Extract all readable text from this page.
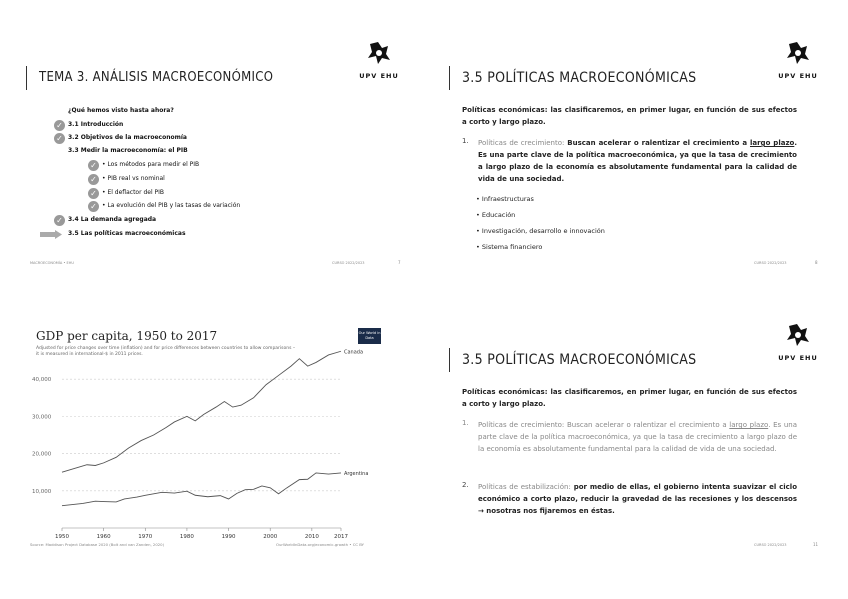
TEMA 3. ANÁLISIS MACROECONÓMICO	UPV EHU
¿Qué hemos visto hasta ahora?
3.1 Introducción
✓
3.2 Objetivos de la macroeconomía
✓
3.3 Medir la macroeconomía: el PIB
• Los métodos para medir el PIB
✓
• PIB real vs nominal
✓
• El deflactor del PIB
✓
• La evolución del PIB y las tasas de variación
✓
3.4 La demanda agregada
✓
3.5 Las políticas macroeconómicas
MACROECONOMÍA • EHU	CURSO 2022/2023	7
3.5 POLÍTICAS MACROECONÓMICAS	UPV EHU
Políticas económicas: las clasificaremos, en primer lugar, en función de sus efectos a corto y largo plazo.
1. Políticas de crecimiento: Buscan acelerar o ralentizar el crecimiento a largo plazo. Es una parte clave de la política macroeconómica, ya que la tasa de crecimiento a largo plazo de la economía es absolutamente fundamental para la calidad de vida de una sociedad.
• Infraestructuras
• Educación
• Investigación, desarrollo e innovación
• Sistema financiero
CURSO 2022/2023	8
GDP per capita, 1950 to 2017
Adjusted for price changes over time (inflation) and for price differences between countries to allow comparisons –
it is measured in international-$ in 2011 prices.
Our World in Data
10,000
20,000
30,000
40,000
1950	1960	1970	1980	1990	2000	2010	2017
Canada
Argentina
Source: Maddison Project Database 2020 (Bolt and van Zanden, 2020)	OurWorldInData.org/economic-growth • CC BY
3.5 POLÍTICAS MACROECONÓMICAS	UPV EHU
Políticas económicas: las clasificaremos, en primer lugar, en función de sus efectos a corto y largo plazo.
1. Políticas de crecimiento: Buscan acelerar o ralentizar el crecimiento a largo plazo. Es una parte clave de la política macroeconómica, ya que la tasa de crecimiento a largo plazo de la economía es absolutamente fundamental para la calidad de vida de una sociedad.
2. Políticas de estabilización: por medio de ellas, el gobierno intenta suavizar el ciclo económico a corto plazo, reducir la gravedad de las recesiones y los descensos → nosotras nos fijaremos en éstas.
CURSO 2022/2023	11
